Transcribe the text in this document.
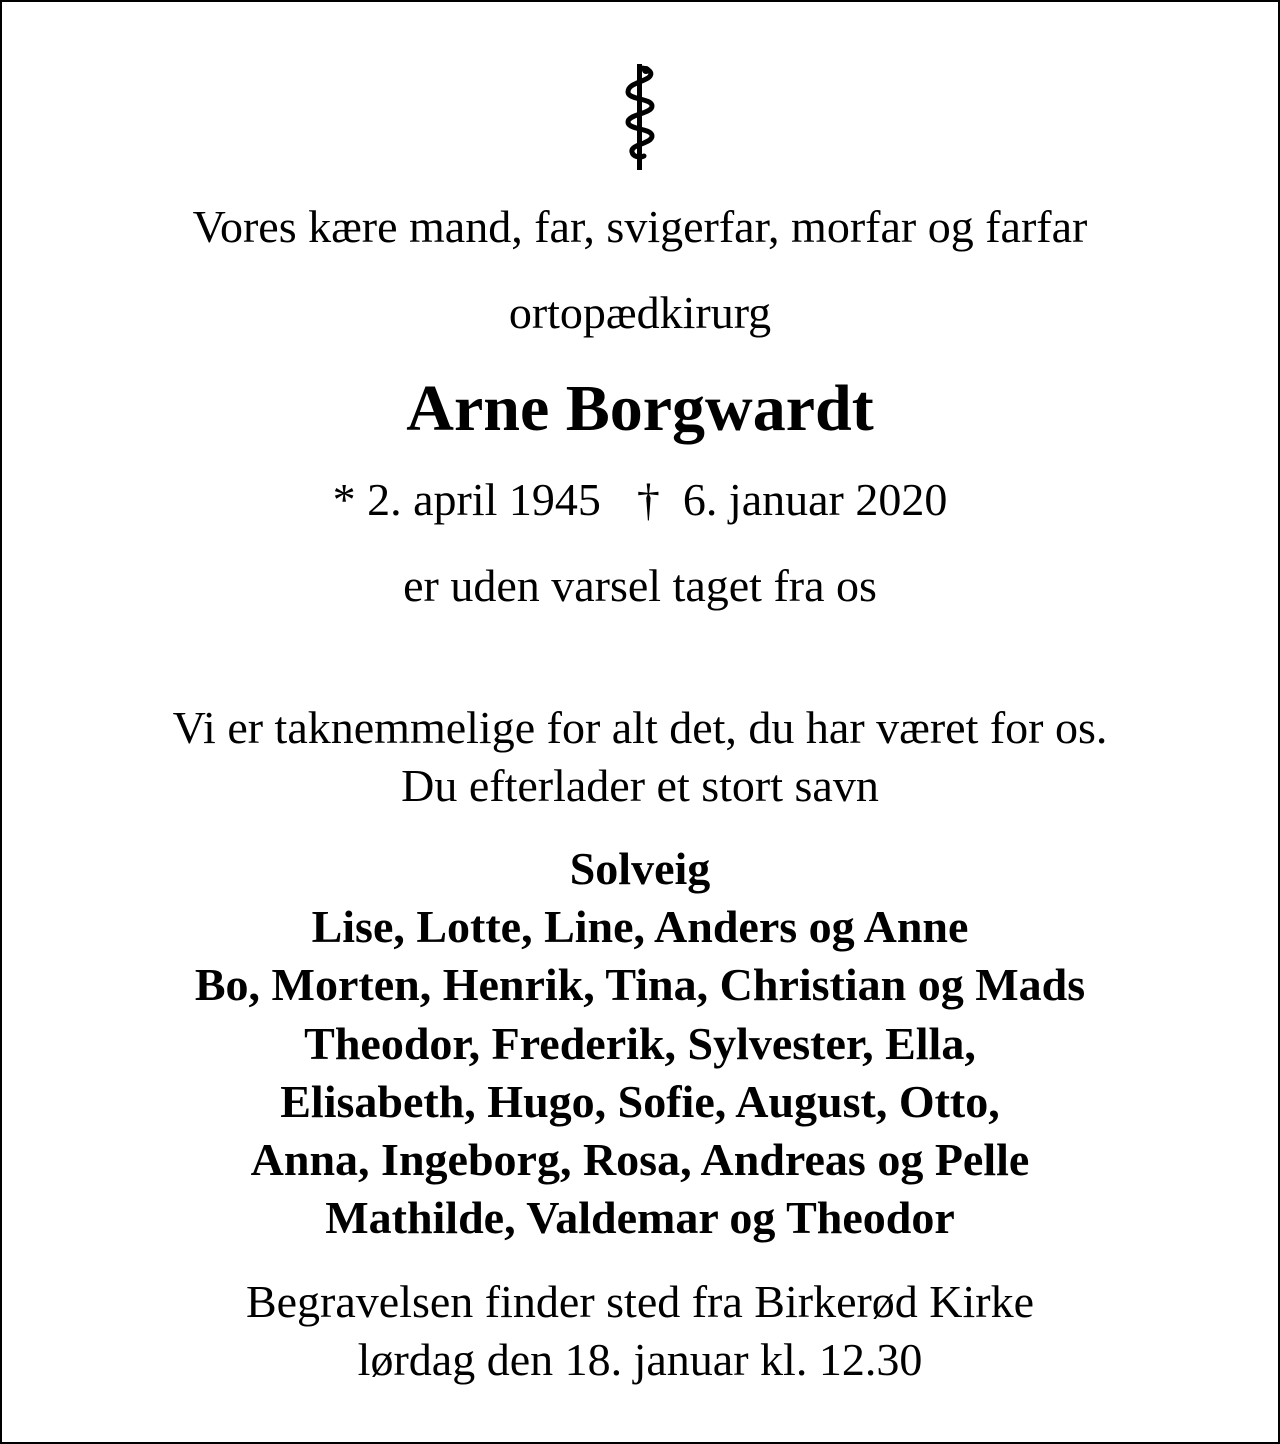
Vores kære mand, far, svigerfar, morfar og farfar
ortopædkirurg
Arne Borgwardt
* 2. april 1945 †  6. januar 2020
er uden varsel taget fra os
Vi er taknemmelige for alt det, du har været for os.
Du efterlader et stort savn
Solveig
Lise, Lotte, Line, Anders og Anne
Bo, Morten, Henrik, Tina, Christian og Mads
Theodor, Frederik, Sylvester, Ella,
Elisabeth, Hugo, Sofie, August, Otto,
Anna, Ingeborg, Rosa, Andreas og Pelle
Mathilde, Valdemar og Theodor
Begravelsen finder sted fra Birkerød Kirke
lørdag den 18. januar kl. 12.30
